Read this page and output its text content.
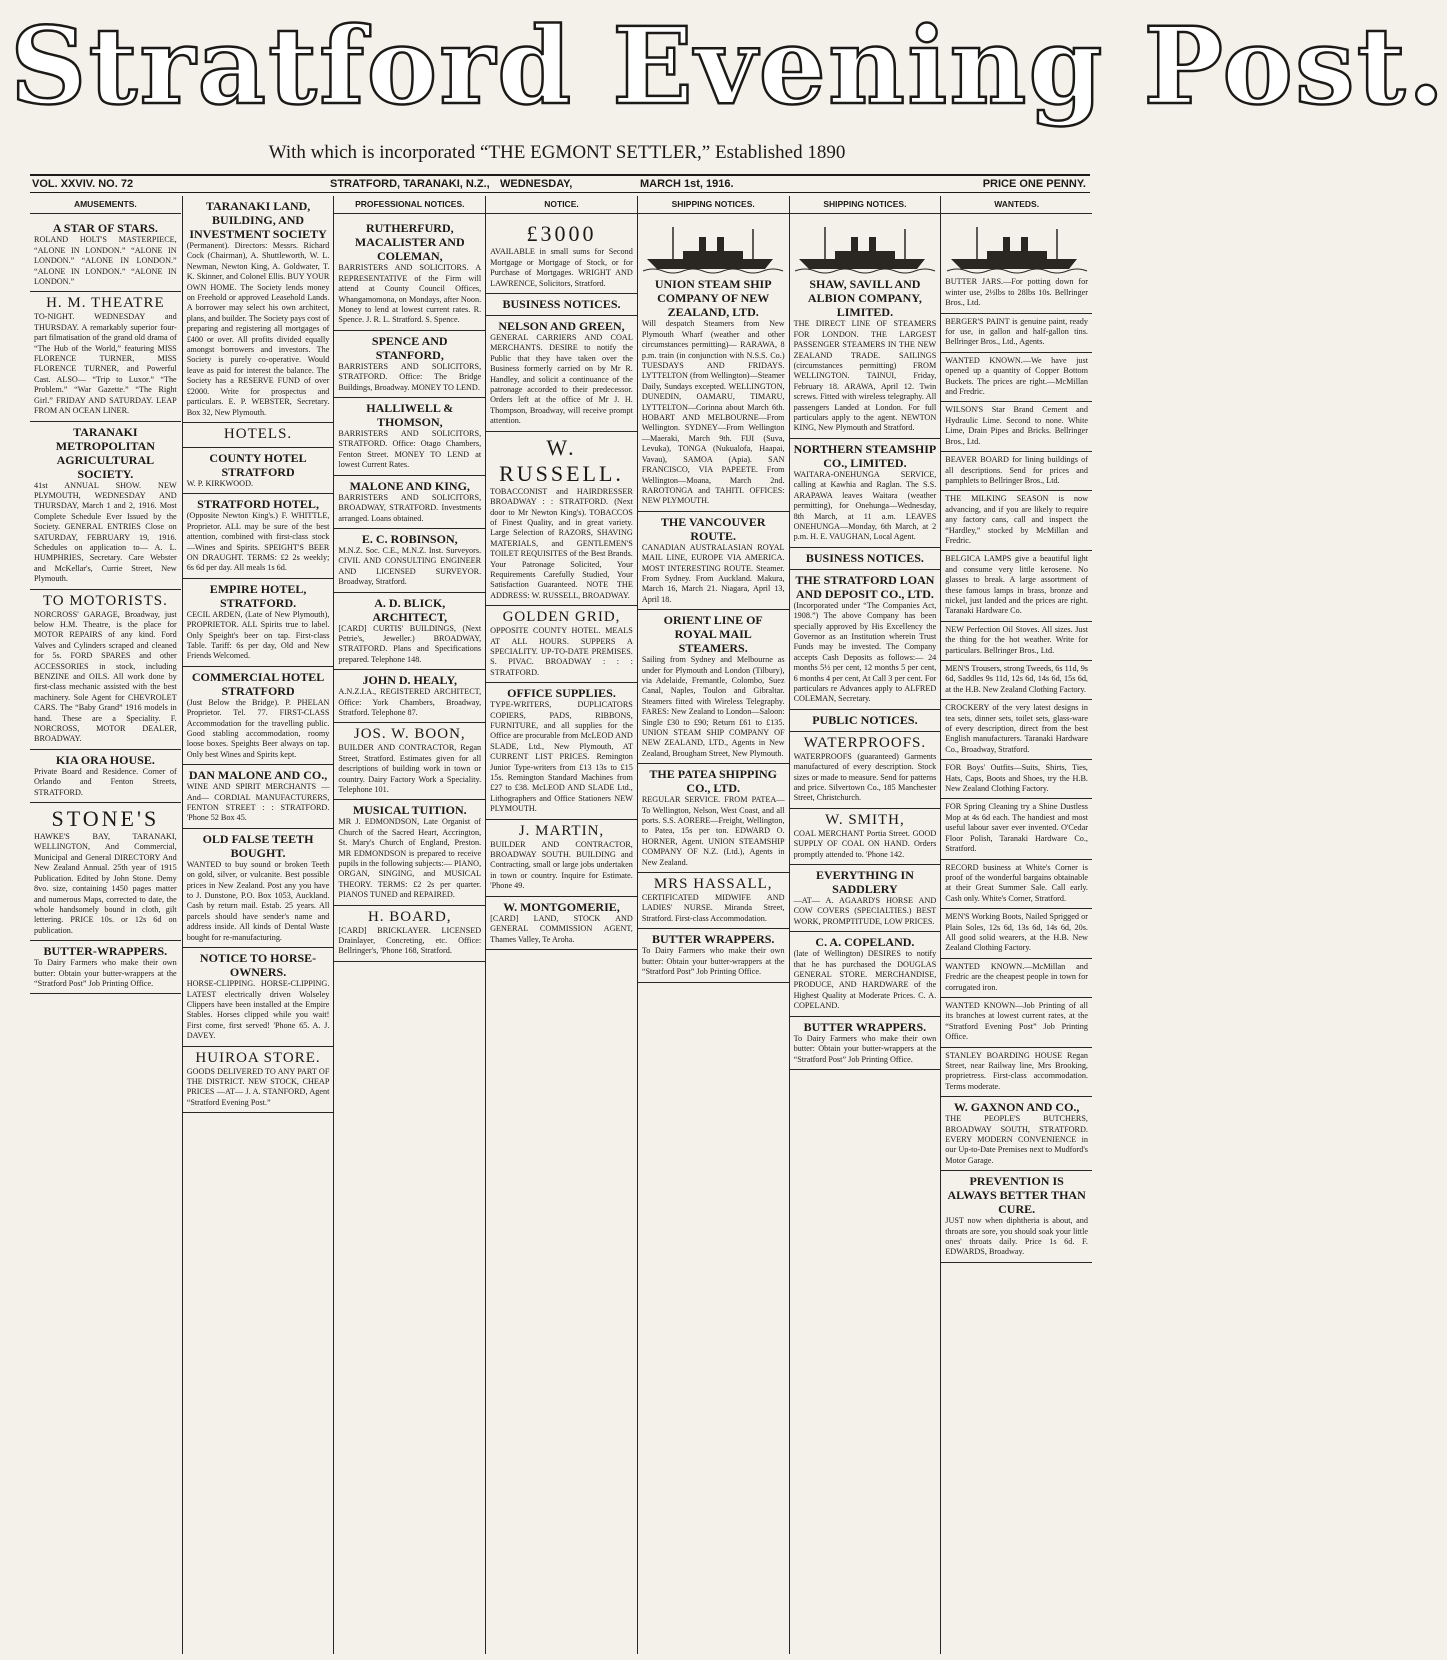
Stratford Evening Post.
With which is incorporated “THE EGMONT SETTLER,” Established 1890
VOL. XXVIV. NO. 72	STRATFORD, TARANAKI, N.Z., WEDNESDAY,	MARCH 1st, 1916.	PRICE ONE PENNY.
AMUSEMENTS.
A STAR OF STARS.

ROLAND HOLT'S MASTERPIECE, “ALONE IN LONDON.” “ALONE IN LONDON.” “ALONE IN LONDON.” “ALONE IN LONDON.” “ALONE IN LONDON.”

H. M. THEATRE

TO-NIGHT. WEDNESDAY and THURSDAY. A remarkably superior four-part filmatisation of the grand old drama of “The Hub of the World,” featuring MISS FLORENCE TURNER, MISS FLORENCE TURNER, and Powerful Cast. ALSO— “Trip to Luxor.” “The Problem.” “War Gazette.” “The Right Girl.” FRIDAY AND SATURDAY. LEAP FROM AN OCEAN LINER.

TARANAKI METROPOLITAN AGRICULTURAL SOCIETY.

41st ANNUAL SHOW. NEW PLYMOUTH, WEDNESDAY AND THURSDAY, March 1 and 2, 1916. Most Complete Schedule Ever Issued by the Society. GENERAL ENTRIES Close on SATURDAY, FEBRUARY 19, 1916. Schedules on application to— A. L. HUMPHRIES, Secretary. Care Webster and McKellar's, Currie Street, New Plymouth.

TO MOTORISTS.

NORCROSS' GARAGE, Broadway, just below H.M. Theatre, is the place for MOTOR REPAIRS of any kind. Ford Valves and Cylinders scraped and cleaned for 5s. FORD SPARES and other ACCESSORIES in stock, including BENZINE and OILS. All work done by first-class mechanic assisted with the best machinery. Sole Agent for CHEVROLET CARS. The “Baby Grand” 1916 models in hand. These are a Speciality. F. NORCROSS, MOTOR DEALER, BROADWAY.

KIA ORA HOUSE.

Private Board and Residence. Corner of Orlando and Fenton Streets, STRATFORD.

STONE'S

HAWKE'S BAY, TARANAKI, WELLINGTON, And Commercial, Municipal and General DIRECTORY And New Zealand Annual. 25th year of 1915 Publication. Edited by John Stone. Demy 8vo. size, containing 1450 pages matter and numerous Maps, corrected to date, the whole handsomely bound in cloth, gilt lettering. PRICE 10s. or 12s 6d on publication.

BUTTER-WRAPPERS.

To Dairy Farmers who make their own butter: Obtain your butter-wrappers at the “Stratford Post” Job Printing Office.

TARANAKI LAND, BUILDING, AND INVESTMENT SOCIETY

(Permanent). Directors: Messrs. Richard Cock (Chairman), A. Shuttleworth, W. L. Newman, Newton King, A. Goldwater, T. K. Skinner, and Colonel Ellis. BUY YOUR OWN HOME. The Society lends money on Freehold or approved Leasehold Lands. A borrower may select his own architect, plans, and builder. The Society pays cost of preparing and registering all mortgages of £400 or over. All profits divided equally amongst borrowers and investors. The Society is purely co-operative. Would leave as paid for interest the balance. The Society has a RESERVE FUND of over £2000. Write for prospectus and particulars. E. P. WEBSTER, Secretary. Box 32, New Plymouth.

HOTELS.
COUNTY HOTEL STRATFORD

W. P. KIRKWOOD.

STRATFORD HOTEL,

(Opposite Newton King's.) F. WHITTLE, Proprietor. ALL may be sure of the best attention, combined with first-class stock—Wines and Spirits. SPEIGHT'S BEER ON DRAUGHT. TERMS: £2 2s weekly; 6s 6d per day. All meals 1s 6d.

EMPIRE HOTEL, STRATFORD.

CECIL ARDEN, (Late of New Plymouth), PROPRIETOR. ALL Spirits true to label. Only Speight's beer on tap. First-class Table. Tariff: 6s per day, Old and New Friends Welcomed.

COMMERCIAL HOTEL STRATFORD

(Just Below the Bridge). P. PHELAN Proprietor. Tel. 77. FIRST-CLASS Accommodation for the travelling public. Good stabling accommodation, roomy loose boxes. Speights Beer always on tap. Only best Wines and Spirits kept.

DAN MALONE AND CO.,

WINE AND SPIRIT MERCHANTS —And— CORDIAL MANUFACTURERS, FENTON STREET : : STRATFORD. 'Phone 52 Box 45.

OLD FALSE TEETH BOUGHT.

WANTED to buy sound or broken Teeth on gold, silver, or vulcanite. Best possible prices in New Zealand. Post any you have to J. Dunstone, P.O. Box 1053, Auckland. Cash by return mail. Estab. 25 years. All parcels should have sender's name and address inside. All kinds of Dental Waste bought for re-manufacturing.

NOTICE TO HORSE-OWNERS.

HORSE-CLIPPING. HORSE-CLIPPING. LATEST electrically driven Wolseley Clippers have been installed at the Empire Stables. Horses clipped while you wait! First come, first served! 'Phone 65. A. J. DAVEY.

HUIROA STORE.

GOODS DELIVERED TO ANY PART OF THE DISTRICT. NEW STOCK, CHEAP PRICES —AT— J. A. STANFORD, Agent “Stratford Evening Post.”

PROFESSIONAL NOTICES.
RUTHERFURD, MACALISTER AND COLEMAN,

BARRISTERS AND SOLICITORS. A REPRESENTATIVE of the Firm will attend at County Council Offices, Whangamomona, on Mondays, after Noon. Money to lend at lowest current rates. R. Spence. J. R. L. Stratford. S. Spence.

SPENCE AND STANFORD,

BARRISTERS AND SOLICITORS, STRATFORD. Office: The Bridge Buildings, Broadway. MONEY TO LEND.

HALLIWELL & THOMSON,

BARRISTERS AND SOLICITORS, STRATFORD. Office: Otago Chambers, Fenton Street. MONEY TO LEND at lowest Current Rates.

MALONE AND KING,

BARRISTERS AND SOLICITORS, BROADWAY, STRATFORD. Investments arranged. Loans obtained.

E. C. ROBINSON,

M.N.Z. Soc. C.E., M.N.Z. Inst. Surveyors. CIVIL AND CONSULTING ENGINEER AND LICENSED SURVEYOR. Broadway, Stratford.

A. D. BLICK, ARCHITECT,

[CARD] CURTIS' BUILDINGS, (Next Petrie's, Jeweller.) BROADWAY, STRATFORD. Plans and Specifications prepared. Telephone 148.

JOHN D. HEALY,

A.N.Z.I.A., REGISTERED ARCHITECT, Office: York Chambers, Broadway, Stratford. Telephone 87.

JOS. W. BOON,

BUILDER AND CONTRACTOR, Regan Street, Stratford. Estimates given for all descriptions of building work in town or country. Dairy Factory Work a Speciality. Telephone 101.

MUSICAL TUITION.

MR J. EDMONDSON, Late Organist of Church of the Sacred Heart, Accrington, St. Mary's Church of England, Preston. MR EDMONDSON is prepared to receive pupils in the following subjects:— PIANO, ORGAN, SINGING, and MUSICAL THEORY. TERMS: £2 2s per quarter. PIANOS TUNED and REPAIRED.

H. BOARD,

[CARD] BRICKLAYER. LICENSED Drainlayer, Concreting, etc. Office: Bellringer's, 'Phone 168, Stratford.

NOTICE.
£3000

AVAILABLE in small sums for Second Mortgage or Mortgage of Stock, or for Purchase of Mortgages. WRIGHT AND LAWRENCE, Solicitors, Stratford.

BUSINESS NOTICES.
NELSON AND GREEN,

GENERAL CARRIERS AND COAL MERCHANTS. DESIRE to notify the Public that they have taken over the Business formerly carried on by Mr R. Handley, and solicit a continuance of the patronage accorded to their predecessor. Orders left at the office of Mr J. H. Thompson, Broadway, will receive prompt attention.

W. RUSSELL.

TOBACCONIST and HAIRDRESSER BROADWAY : : STRATFORD. (Next door to Mr Newton King's). TOBACCOS of Finest Quality, and in great variety. Large Selection of RAZORS, SHAVING MATERIALS, and GENTLEMEN'S TOILET REQUISITES of the Best Brands. Your Patronage Solicited, Your Requirements Carefully Studied, Your Satisfaction Guaranteed. NOTE THE ADDRESS: W. RUSSELL, BROADWAY.

GOLDEN GRID,

OPPOSITE COUNTY HOTEL. MEALS AT ALL HOURS. SUPPERS A SPECIALITY. UP-TO-DATE PREMISES. S. PIVAC. BROADWAY : : : STRATFORD.

OFFICE SUPPLIES.

TYPE-WRITERS, DUPLICATORS COPIERS, PADS, RIBBONS, FURNITURE, and all supplies for the Office are procurable from McLEOD AND SLADE, Ltd., New Plymouth, AT CURRENT LIST PRICES. Remington Junior Type-writers from £13 13s to £15 15s. Remington Standard Machines from £27 to £38. McLEOD AND SLADE Ltd., Lithographers and Office Stationers NEW PLYMOUTH.

J. MARTIN,

BUILDER AND CONTRACTOR, BROADWAY SOUTH. BUILDING and Contracting, small or large jobs undertaken in town or country. Inquire for Estimate. 'Phone 49.

W. MONTGOMERIE,

[CARD] LAND, STOCK AND GENERAL COMMISSION AGENT, Thames Valley, Te Aroha.

SHIPPING NOTICES.
UNION STEAM SHIP COMPANY OF NEW ZEALAND, LTD.

Will despatch Steamers from New Plymouth Wharf (weather and other circumstances permitting)— RARAWA, 8 p.m. train (in conjunction with N.S.S. Co.) TUESDAYS AND FRIDAYS. LYTTELTON (from Wellington)—Steamer Daily, Sundays excepted. WELLINGTON, DUNEDIN, OAMARU, TIMARU, LYTTELTON—Corinna about March 6th. HOBART AND MELBOURNE—From Wellington. SYDNEY—From Wellington—Maeraki, March 9th. FIJI (Suva, Levuka), TONGA (Nukualofa, Haapai, Vavau), SAMOA (Apia). SAN FRANCISCO, VIA PAPEETE. From Wellington—Moana, March 2nd. RAROTONGA and TAHITI. OFFICES: NEW PLYMOUTH.

THE VANCOUVER ROUTE.

CANADIAN AUSTRALASIAN ROYAL MAIL LINE, EUROPE VIA AMERICA. MOST INTERESTING ROUTE. Steamer. From Sydney. From Auckland. Makura, March 16, March 21. Niagara, April 13, April 18.

ORIENT LINE OF ROYAL MAIL STEAMERS.

Sailing from Sydney and Melbourne as under for Plymouth and London (Tilbury), via Adelaide, Fremantle, Colombo, Suez Canal, Naples, Toulon and Gibraltar. Steamers fitted with Wireless Telegraphy. FARES: New Zealand to London—Saloon: Single £30 to £90; Return £61 to £135. UNION STEAM SHIP COMPANY OF NEW ZEALAND, LTD., Agents in New Zealand, Brougham Street, New Plymouth.

THE PATEA SHIPPING CO., LTD.

REGULAR SERVICE. FROM PATEA—To Wellington, Nelson, West Coast, and all ports. S.S. AORERE—Freight, Wellington, to Patea, 15s per ton. EDWARD O. HORNER, Agent. UNION STEAMSHIP COMPANY OF N.Z. (Ltd.), Agents in New Zealand.

MRS HASSALL,

CERTIFICATED MIDWIFE AND LADIES' NURSE. Miranda Street, Stratford. First-class Accommodation.

BUTTER WRAPPERS.

To Dairy Farmers who make their own butter: Obtain your butter-wrappers at the “Stratford Post” Job Printing Office.

SHIPPING NOTICES.
SHAW, SAVILL AND ALBION COMPANY, LIMITED.

THE DIRECT LINE OF STEAMERS FOR LONDON. THE LARGEST PASSENGER STEAMERS IN THE NEW ZEALAND TRADE. SAILINGS (circumstances permitting) FROM WELLINGTON. TAINUI, Friday, February 18. ARAWA, April 12. Twin screws. Fitted with wireless telegraphy. All passengers Landed at London. For full particulars apply to the agent. NEWTON KING, New Plymouth and Stratford.

NORTHERN STEAMSHIP CO., LIMITED.

WAITARA-ONEHUNGA SERVICE, calling at Kawhia and Raglan. The S.S. ARAPAWA leaves Waitara (weather permitting), for Onehunga—Wednesday, 8th March, at 11 a.m. LEAVES ONEHUNGA—Monday, 6th March, at 2 p.m. H. E. VAUGHAN, Local Agent.

BUSINESS NOTICES.
THE STRATFORD LOAN AND DEPOSIT CO., LTD.

(Incorporated under “The Companies Act, 1908.”) The above Company has been specially approved by His Excellency the Governor as an Institution wherein Trust Funds may be invested. The Company accepts Cash Deposits as follows:— 24 months 5½ per cent, 12 months 5 per cent, 6 months 4 per cent, At Call 3 per cent. For particulars re Advances apply to ALFRED COLEMAN, Secretary.

PUBLIC NOTICES.
WATERPROOFS.

WATERPROOFS (guaranteed) Garments manufactured of every description. Stock sizes or made to measure. Send for patterns and price. Silvertown Co., 185 Manchester Street, Christchurch.

W. SMITH,

COAL MERCHANT Portia Street. GOOD SUPPLY OF COAL ON HAND. Orders promptly attended to. 'Phone 142.

EVERYTHING IN SADDLERY

—AT— A. AGAARD'S HORSE AND COW COVERS (SPECIALTIES.) BEST WORK, PROMPTITUDE, LOW PRICES.

C. A. COPELAND.

(late of Wellington) DESIRES to notify that he has purchased the DOUGLAS GENERAL STORE. MERCHANDISE, PRODUCE, AND HARDWARE of the Highest Quality at Moderate Prices. C. A. COPELAND.

BUTTER WRAPPERS.

To Dairy Farmers who make their own butter: Obtain your butter-wrappers at the “Stratford Post” Job Printing Office.

WANTEDS.

BUTTER JARS.—For potting down for winter use, 2½lbs to 28lbs 10s. Bellringer Bros., Ltd.

BERGER'S PAINT is genuine paint, ready for use, in gallon and half-gallon tins. Bellringer Bros., Ltd., Agents.

WANTED KNOWN.—We have just opened up a quantity of Copper Bottom Buckets. The prices are right.—McMillan and Fredric.

WILSON'S Star Brand Cement and Hydraulic Lime. Second to none. White Lime, Drain Pipes and Bricks. Bellringer Bros., Ltd.

BEAVER BOARD for lining buildings of all descriptions. Send for prices and pamphlets to Bellringer Bros., Ltd.

THE MILKING SEASON is now advancing, and if you are likely to require any factory cans, call and inspect the “Hardley,” stocked by McMillan and Fredric.

BELGICA LAMPS give a beautiful light and consume very little kerosene. No glasses to break. A large assortment of these famous lamps in brass, bronze and nickel, just landed and the prices are right. Taranaki Hardware Co.

NEW Perfection Oil Stoves. All sizes. Just the thing for the hot weather. Write for particulars. Bellringer Bros., Ltd.

MEN'S Trousers, strong Tweeds, 6s 11d, 9s 6d, Saddles 9s 11d, 12s 6d, 14s 6d, 15s 6d, at the H.B. New Zealand Clothing Factory.

CROCKERY of the very latest designs in tea sets, dinner sets, toilet sets, glass-ware of every description, direct from the best English manufacturers. Taranaki Hardware Co., Broadway, Stratford.

FOR Boys' Outfits—Suits, Shirts, Ties, Hats, Caps, Boots and Shoes, try the H.B. New Zealand Clothing Factory.

FOR Spring Cleaning try a Shine Dustless Mop at 4s 6d each. The handiest and most useful labour saver ever invented. O'Cedar Floor Polish, Taranaki Hardware Co., Stratford.

RECORD business at White's Corner is proof of the wonderful bargains obtainable at their Great Summer Sale. Call early. Cash only. White's Corner, Stratford.

MEN'S Working Boots, Nailed Sprigged or Plain Soles, 12s 6d, 13s 6d, 14s 6d, 20s. All good solid wearers, at the H.B. New Zealand Clothing Factory.

WANTED KNOWN.—McMillan and Fredric are the cheapest people in town for corrugated iron.

WANTED KNOWN—Job Printing of all its branches at lowest current rates, at the “Stratford Evening Post” Job Printing Office.

STANLEY BOARDING HOUSE Regan Street, near Railway line, Mrs Brooking, proprietress. First-class accommodation. Terms moderate.

W. GAXNON AND CO.,

THE PEOPLE'S BUTCHERS, BROADWAY SOUTH, STRATFORD. EVERY MODERN CONVENIENCE in our Up-to-Date Premises next to Mudford's Motor Garage.

PREVENTION IS ALWAYS BETTER THAN CURE.

JUST now when diphtheria is about, and throats are sore, you should soak your little ones' throats daily. Price 1s 6d. F. EDWARDS, Broadway.
